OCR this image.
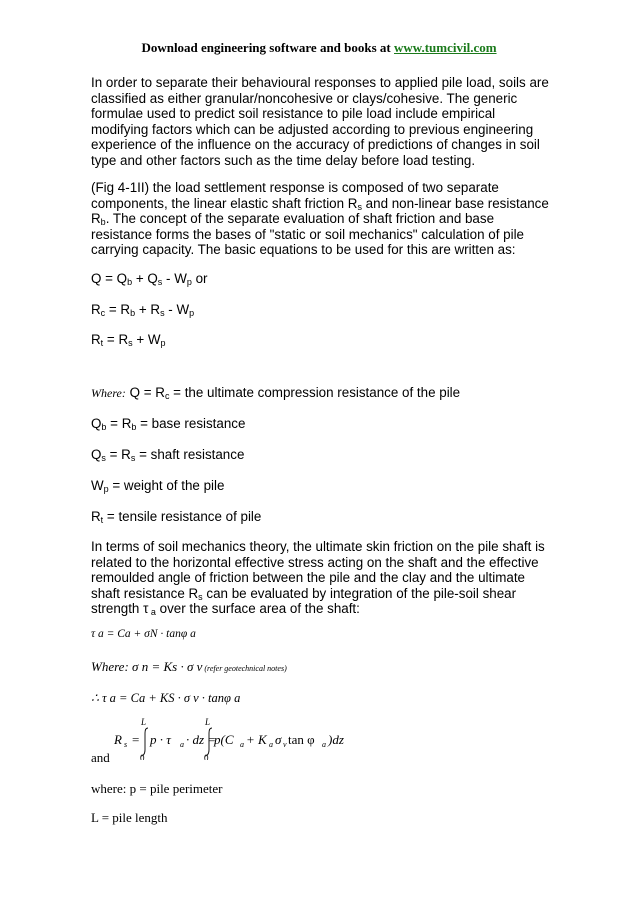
Download engineering software and books at www.tumcivil.com

In order to separate their behavioural responses to applied pile load, soils are classified as either granular/noncohesive or clays/cohesive. The generic formulae used to predict soil resistance to pile load include empirical modifying factors which can be adjusted according to previous engineering experience of the influence on the accuracy of predictions of changes in soil type and other factors such as the time delay before load testing.

(Fig 4-1II) the load settlement response is composed of two separate components, the linear elastic shaft friction $R_s$ and non-linear base resistance $R_b$. The concept of the separate evaluation of shaft friction and base resistance forms the bases of "static or soil mechanics" calculation of pile carrying capacity. The basic equations to be used for this are written as:

$Q = Q_b + Q_s - W_p$ or

$R_c = R_b + R_s - W_p$

$R_t = R_s + W_p$

Where: $Q = R_c$ = the ultimate compression resistance of the pile

$Q_b = R_b$ = base resistance

$Q_s = R_s$ = shaft resistance

$W_p$ = weight of the pile

$R_t$ = tensile resistance of pile

In terms of soil mechanics theory, the ultimate skin friction on the pile shaft is related to the horizontal effective stress acting on the shaft and the effective remoulded angle of friction between the pile and the clay and the ultimate shaft resistance $R_s$ can be evaluated by integration of the pile-soil shear strength τ $_a$ over the surface area of the shaft:

τ a = Ca + σN · tanφ a

Where: σ n = Ks · σ v (refer geotechnical notes)

∴ τ a = Ca + KS · σ v · tanφ a

R s =
L
0
p · τ a · dz =
L
0
p(C a + K a σ v tan φ a )dz

and

where: p = pile perimeter

L = pile length
